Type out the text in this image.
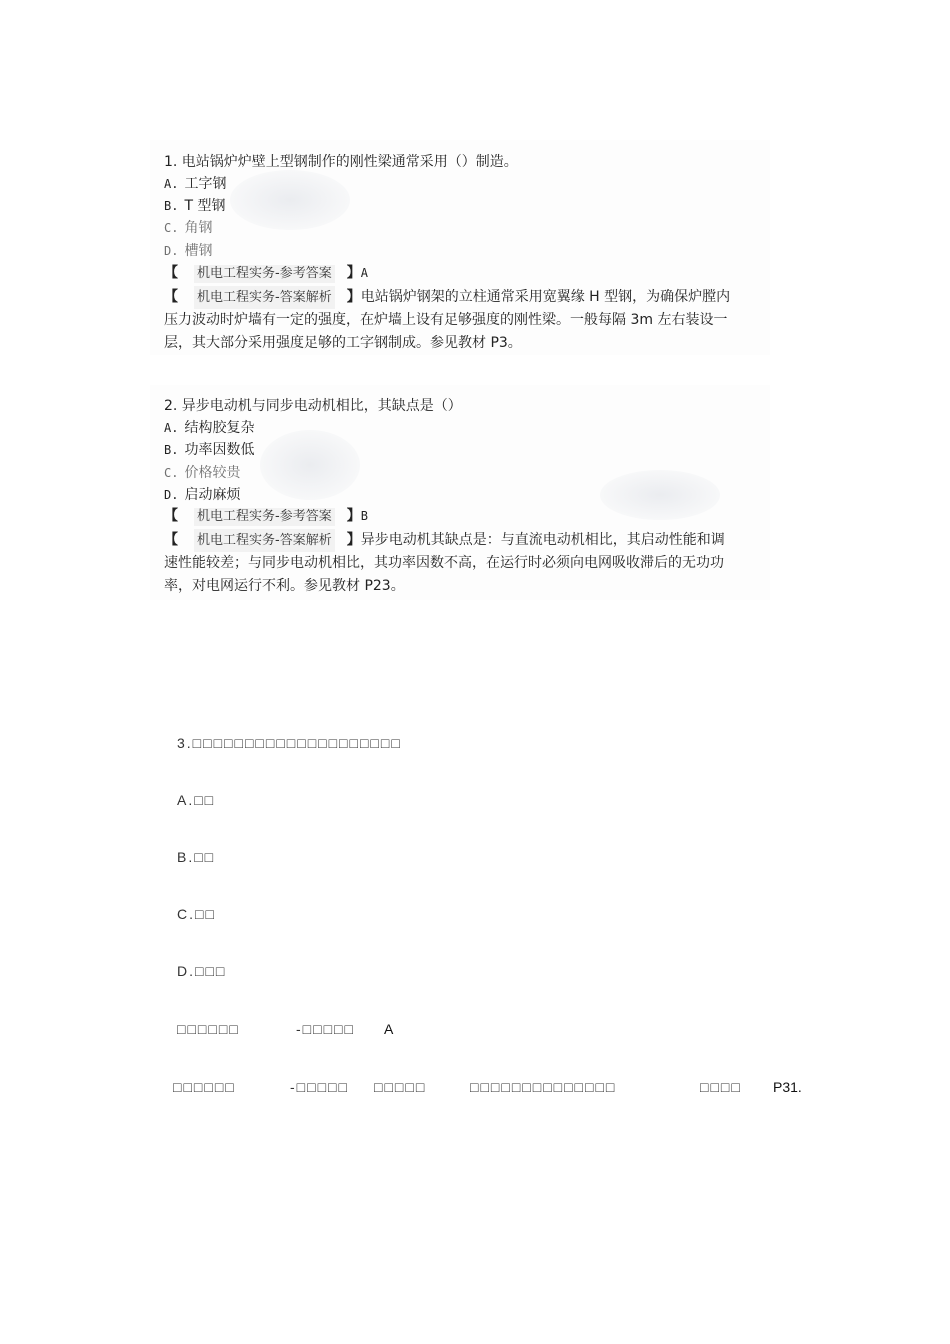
1. 电站锅炉炉壁上型钢制作的刚性梁通常采用（）制造。
A. 工字钢
B. T 型钢
C. 角钢
D. 槽钢
【 机电工程实务-参考答案 】A
【 机电工程实务-答案解析 】电站锅炉钢架的立柱通常采用宽翼缘 H 型钢，为确保炉膛内
压力波动时炉墙有一定的强度，在炉墙上设有足够强度的刚性梁。一般每隔 3m 左右装设一
层，其大部分采用强度足够的工字钢制成。参见教材 P3。
2. 异步电动机与同步电动机相比，其缺点是（）
A. 结构胶复杂
B. 功率因数低
C. 价格较贵
D. 启动麻烦
【 机电工程实务-参考答案 】B
【 机电工程实务-答案解析 】异步电动机其缺点是：与直流电动机相比，其启动性能和调
速性能较差；与同步电动机相比，其功率因数不高，在运行时必须向电网吸收滞后的无功功
率，对电网运行不利。参见教材 P23。
3.□□□□□□□□□□□□□□□□□□□□
A.□□
B.□□
C.□□
D.□□□
□□□□□□	-□□□□□ A
□□□□□□	-□□□□□ □□□□□	□□□□□□□□□□□□□□	□□□□ P31.
